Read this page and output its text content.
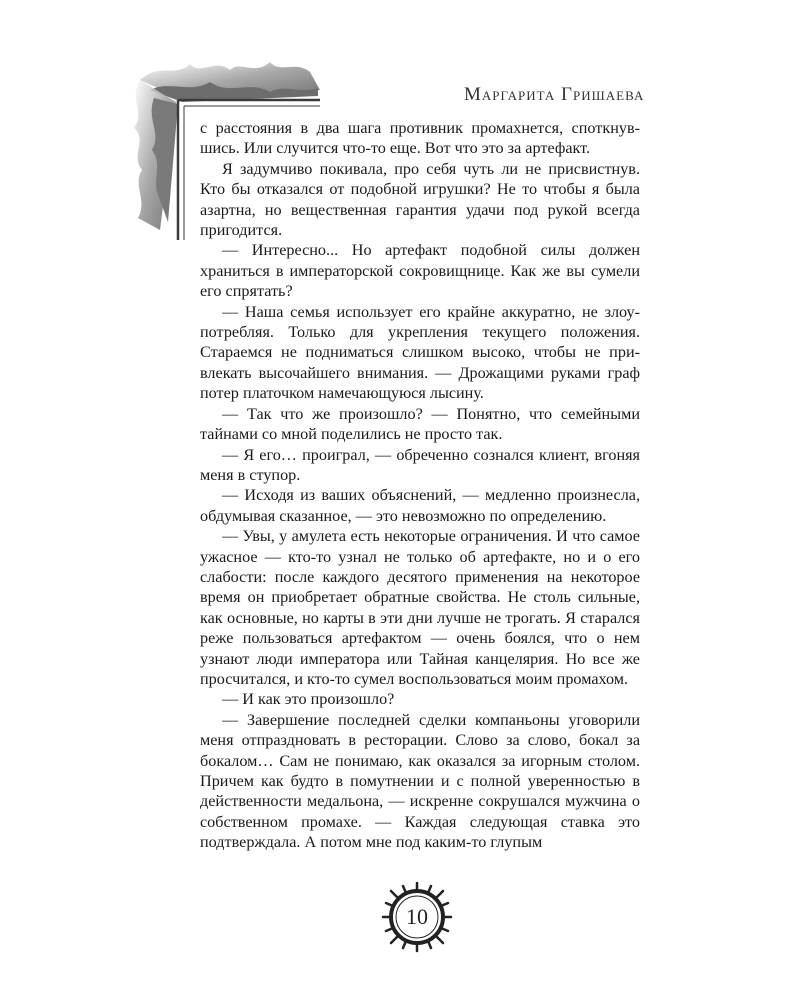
Маргарита Гришаева

с расстояния в два шага противник промахнется, споткнувшись. Или случится что-то еще. Вот что это за артефакт.

Я задумчиво покивала, про себя чуть ли не присвистнув. Кто бы отказался от подобной игрушки? Не то чтобы я была азартна, но вещественная гарантия удачи под рукой всегда пригодится.

— Интересно... Но артефакт подобной силы должен храниться в императорской сокровищнице. Как же вы сумели его спрятать?

— Наша семья использует его крайне аккуратно, не злоупотребляя. Только для укрепления текущего положения. Стараемся не подниматься слишком высоко, чтобы не привлекать высочайшего внимания. — Дрожащими руками граф потер платочком намечающуюся лысину.

— Так что же произошло? — Понятно, что семейными тайнами со мной поделились не просто так.

— Я его… проиграл, — обреченно сознался клиент, вгоняя меня в ступор.

— Исходя из ваших объяснений, — медленно произнесла, обдумывая сказанное, — это невозможно по определению.

— Увы, у амулета есть некоторые ограничения. И что самое ужасное — кто-то узнал не только об артефакте, но и о его слабости: после каждого десятого применения на некоторое время он приобретает обратные свойства. Не столь сильные, как основные, но карты в эти дни лучше не трогать. Я старался реже пользоваться артефактом — очень боялся, что о нем узнают люди императора или Тайная канцелярия. Но все же просчитался, и кто-то сумел воспользоваться моим промахом.

— И как это произошло?

— Завершение последней сделки компаньоны уговорили меня отпраздновать в ресторации. Слово за слово, бокал за бокалом… Сам не понимаю, как оказался за игорным столом. Причем как будто в помутнении и с полной уверенностью в действенности медальона, — искренне сокрушался мужчина о собственном промахе. — Каждая следующая ставка это подтверждала. А потом мне под каким-то глупым

10
